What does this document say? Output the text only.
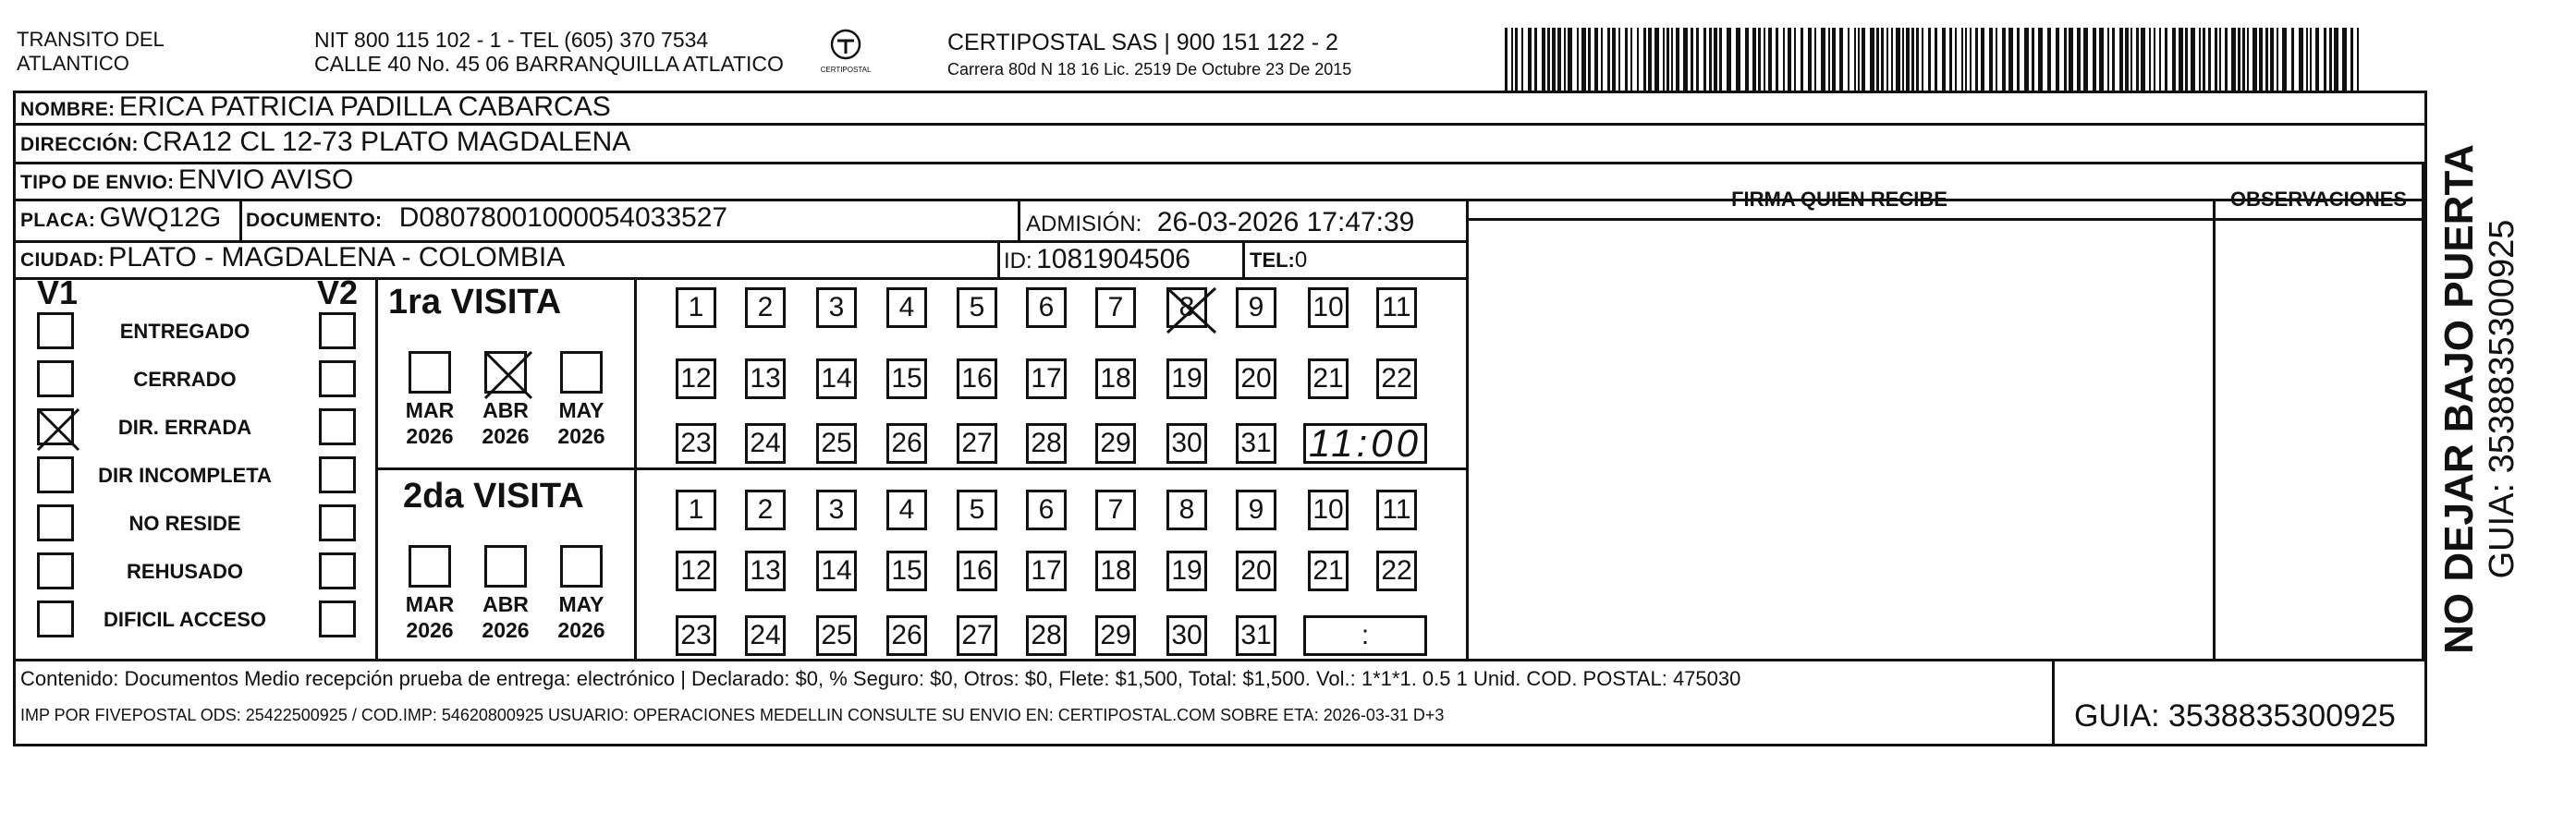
TRANSITO DEL
ATLANTICO
NIT 800 115 102 - 1 - TEL (605) 370 7534
CALLE 40 No. 45 06 BARRANQUILLA ATLATICO	CERTIPOSTAL
CERTIPOSTAL SAS | 900 151 122 - 2
Carrera 80d N 18 16 Lic. 2519 De Octubre 23 De 2015
NOMBRE: ERICA PATRICIA PADILLA CABARCAS
DIRECCIÓN: CRA12 CL 12-73 PLATO MAGDALENA
TIPO DE ENVIO: ENVIO AVISO
PLACA: GWQ12G DOCUMENTO: D08078001000054033527	ADMISIÓN: 26-03-2026 17:47:39
CIUDAD: PLATO - MAGDALENA - COLOMBIA	ID: 1081904506	TEL:0
FIRMA QUIEN RECIBE	OBSERVACIONES
V1	V2
ENTREGADO
CERRADO
DIR. ERRADA
DIR INCOMPLETA
NO RESIDE
REHUSADO
DIFICIL ACCESO
1ra VISITA
2da VISITA
MAR
2026
ABR
2026
MAY
2026
MAR
2026
ABR
2026
MAY
2026
1 2 3 4 5 6 7 8 9 10 11
12 13 14 15 16 17 18 19 20 21 22
23 24 25 26 27 28 29 30 31 11:00
1 2 3 4 5 6 7 8 9 10 11
12 13 14 15 16 17 18 19 20 21 22
23 24 25 26 27 28 29 30 31	:
Contenido: Documentos Medio recepción prueba de entrega: electrónico | Declarado: $0, % Seguro: $0, Otros: $0, Flete: $1,500, Total: $1,500. Vol.: 1*1*1. 0.5 1 Unid. COD. POSTAL: 475030
IMP POR FIVEPOSTAL ODS: 25422500925 / COD.IMP: 54620800925 USUARIO: OPERACIONES MEDELLIN CONSULTE SU ENVIO EN: CERTIPOSTAL.COM SOBRE ETA: 2026-03-31 D+3	GUIA: 3538835300925
NO DEJAR BAJO PUERTA GUIA: 3538835300925
